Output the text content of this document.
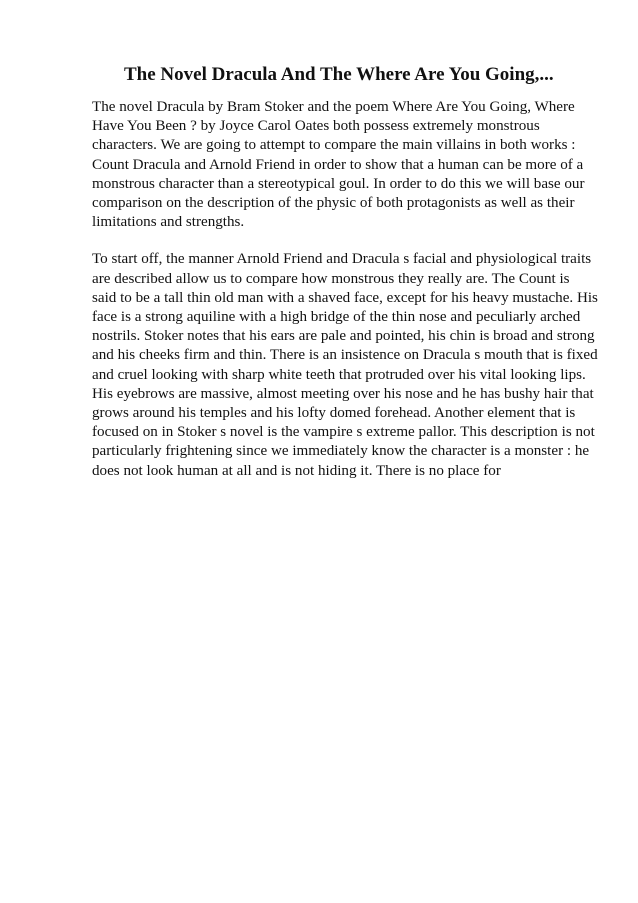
The Novel Dracula And The Where Are You Going,...

The novel Dracula by Bram Stoker and the poem Where Are You Going, Where
Have You Been ? by Joyce Carol Oates both possess extremely monstrous
characters. We are going to attempt to compare the main villains in both works :
Count Dracula and Arnold Friend in order to show that a human can be more of a
monstrous character than a stereotypical goul. In order to do this we will base our
comparison on the description of the physic of both protagonists as well as their
limitations and strengths.

To start off, the manner Arnold Friend and Dracula s facial and physiological traits
are described allow us to compare how monstrous they really are. The Count is
said to be a tall thin old man with a shaved face, except for his heavy mustache. His
face is a strong aquiline with a high bridge of the thin nose and peculiarly arched
nostrils. Stoker notes that his ears are pale and pointed, his chin is broad and strong
and his cheeks firm and thin. There is an insistence on Dracula s mouth that is fixed
and cruel looking with sharp white teeth that protruded over his vital looking lips.
His eyebrows are massive, almost meeting over his nose and he has bushy hair that
grows around his temples and his lofty domed forehead. Another element that is
focused on in Stoker s novel is the vampire s extreme pallor. This description is not
particularly frightening since we immediately know the character is a monster : he
does not look human at all and is not hiding it. There is no place for
